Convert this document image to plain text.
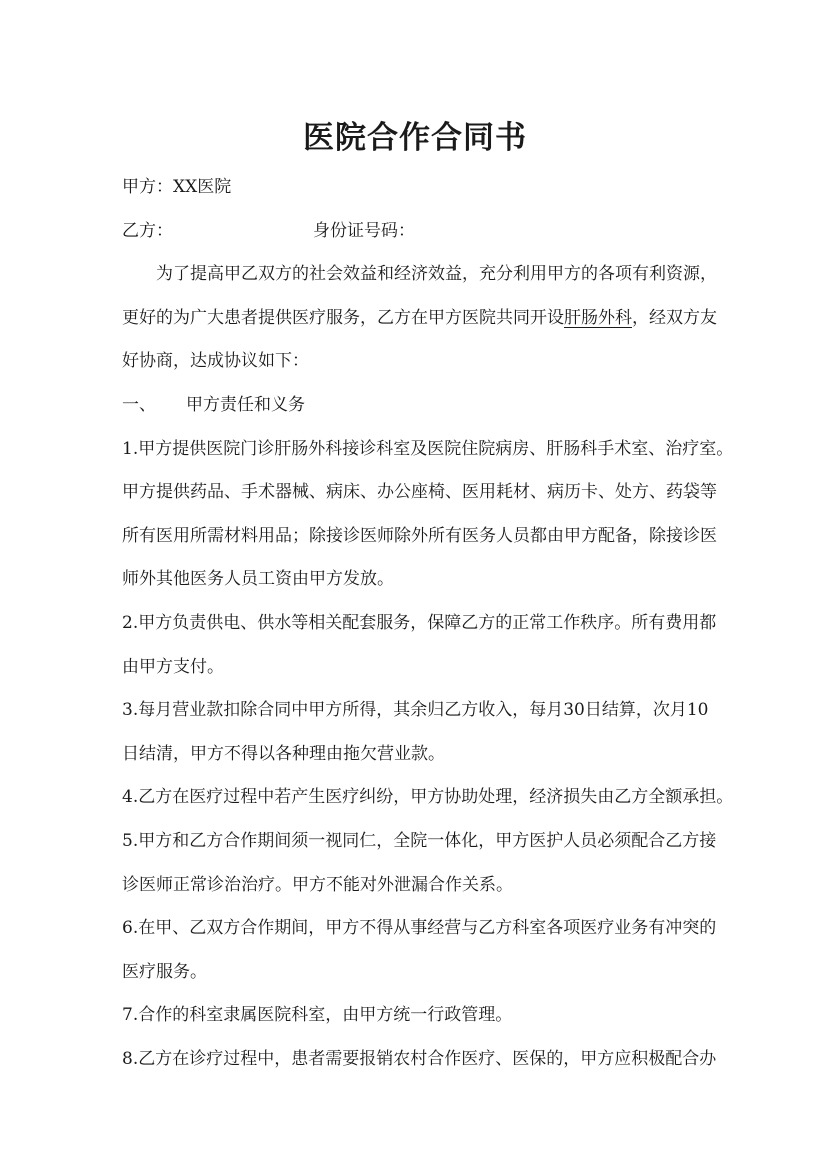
医院合作合同书
甲方：XX医院
乙方：	身份证号码：
为了提高甲乙双方的社会效益和经济效益，充分利用甲方的各项有利资源，
更好的为广大患者提供医疗服务，乙方在甲方医院共同开设肝肠外科，经双方友
好协商，达成协议如下：
一、 甲方责任和义务
1.甲方提供医院门诊肝肠外科接诊科室及医院住院病房、肝肠科手术室、治疗室。
甲方提供药品、手术器械、病床、办公座椅、医用耗材、病历卡、处方、药袋等
所有医用所需材料用品；除接诊医师除外所有医务人员都由甲方配备，除接诊医
师外其他医务人员工资由甲方发放。
2.甲方负责供电、供水等相关配套服务，保障乙方的正常工作秩序。所有费用都
由甲方支付。
3.每月营业款扣除合同中甲方所得，其余归乙方收入，每月30日结算，次月10
日结清，甲方不得以各种理由拖欠营业款。
4.乙方在医疗过程中若产生医疗纠纷，甲方协助处理，经济损失由乙方全额承担。
5.甲方和乙方合作期间须一视同仁，全院一体化，甲方医护人员必须配合乙方接
诊医师正常诊治治疗。甲方不能对外泄漏合作关系。
6.在甲、乙双方合作期间，甲方不得从事经营与乙方科室各项医疗业务有冲突的
医疗服务。
7.合作的科室隶属医院科室，由甲方统一行政管理。
8.乙方在诊疗过程中，患者需要报销农村合作医疗、医保的，甲方应积极配合办
